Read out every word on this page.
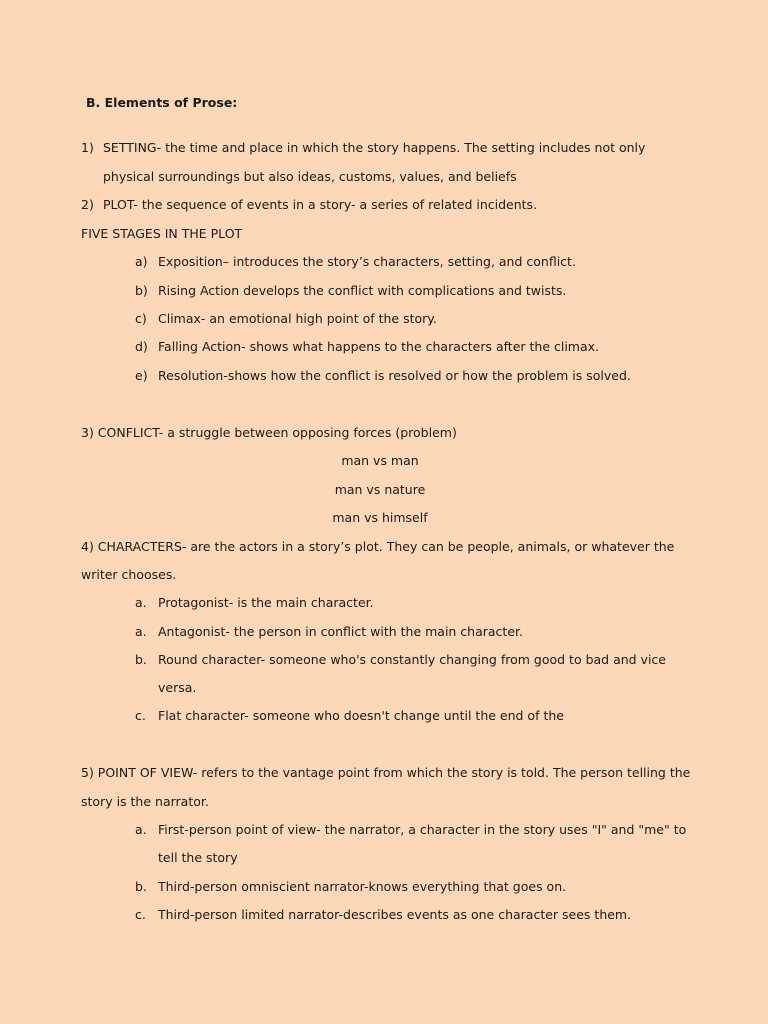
B. Elements of Prose:
1) SETTING- the time and place in which the story happens. The setting includes not only
physical surroundings but also ideas, customs, values, and beliefs
2) PLOT- the sequence of events in a story- a series of related incidents.
FIVE STAGES IN THE PLOT
a) Exposition– introduces the story’s characters, setting, and conflict.
b) Rising Action develops the conflict with complications and twists.
c) Climax- an emotional high point of the story.
d) Falling Action- shows what happens to the characters after the climax.
e) Resolution-shows how the conflict is resolved or how the problem is solved.
3) CONFLICT- a struggle between opposing forces (problem)
man vs man
man vs nature
man vs himself
4) CHARACTERS- are the actors in a story’s plot. They can be people, animals, or whatever the
writer chooses.
a. Protagonist- is the main character.
a. Antagonist- the person in conflict with the main character.
b. Round character- someone who's constantly changing from good to bad and vice
versa.
c. Flat character- someone who doesn't change until the end of the
5) POINT OF VIEW- refers to the vantage point from which the story is told. The person telling the
story is the narrator.
a. First-person point of view- the narrator, a character in the story uses "I" and "me" to
tell the story
b. Third-person omniscient narrator-knows everything that goes on.
c. Third-person limited narrator-describes events as one character sees them.
